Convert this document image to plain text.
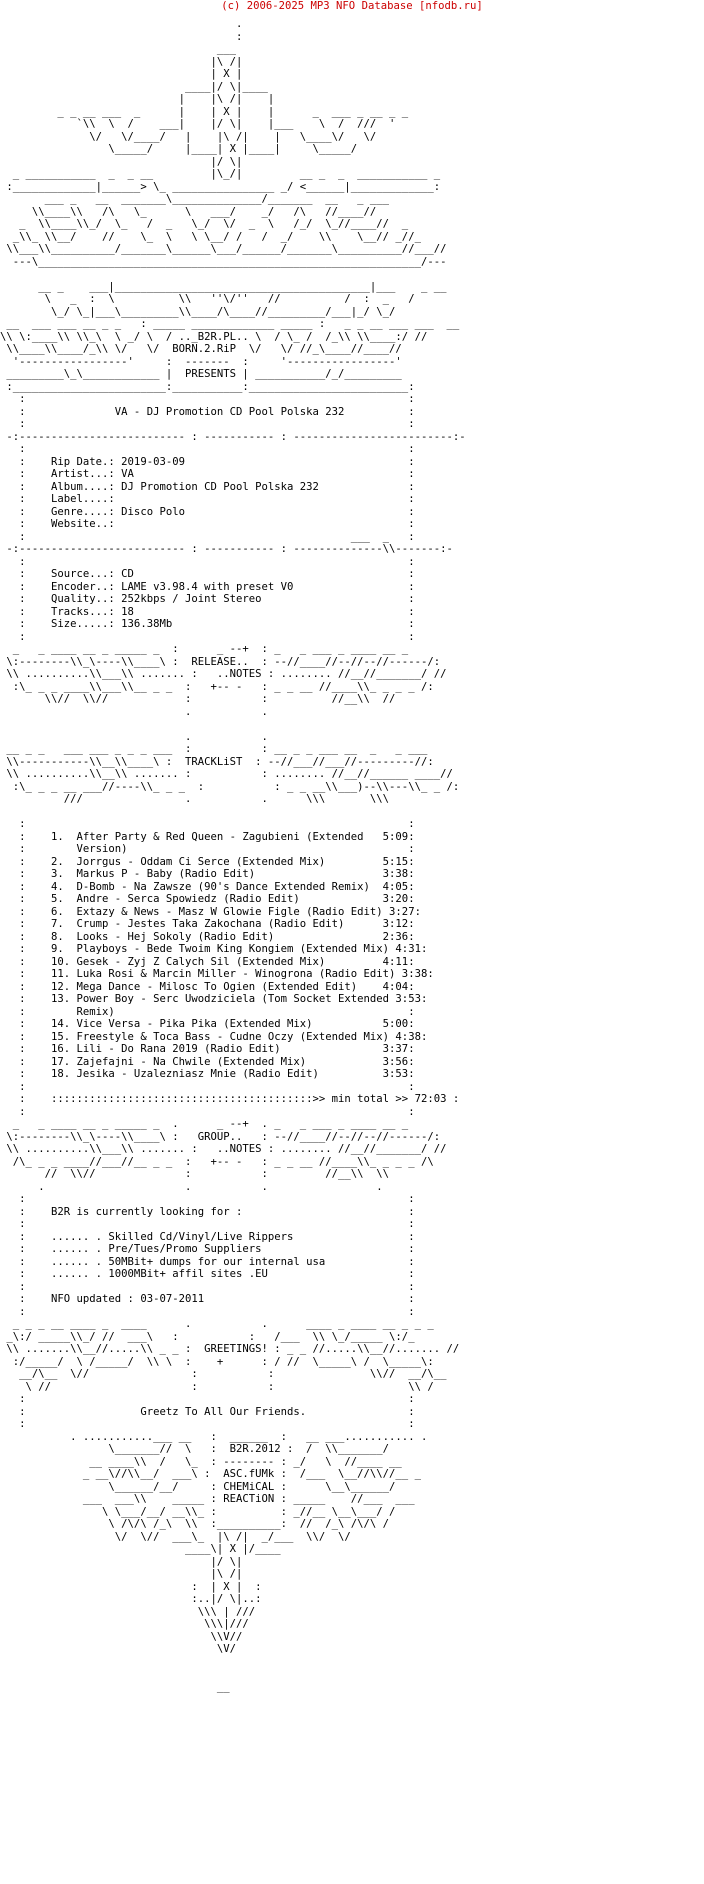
(c) 2006-2025 MP3 NFO Database [nfodb.ru]
.
:
___
|\ /|
| X |
____|/ \|____
|    |\ /|    |
_ _ __ ___  _      |    | X |    |      _  ___ _ __ _ _
`\\  \  /    ___|    |/ \|    |___    \  /  ///  '
\/   \/____/   |    |\ /|    |   \____\/   \/
\_____/     |____| X |____|     \_____/
|/ \|
_ ___________  _  _ __         |\_/|         __ _  _  ___________ _
:_____________|______> \_ ________________ _/ <______|_____________:
___ _   __  _______\______________/_______  __   _ ___
\\____\\   /\   \_      \   ___/    _/   /\   //____//
_  \\____\\_/  \_   /  _   \_/  \/  _  \   /_/  \_//____//  _
_\\_ \\__/    //    \_  \   \ \__/ /   /  _/    \\    \__// _//_
\\___\\__________/_______\______\___/______/_______\__________//___//
---\____________________________________________________________/---

__ _    ___|________________________________________|___    _ __
\   _  :  \          \\   ''\/''   //          /  :  _   /
\_/ \_|___\_________\\____/\____//_________/___|_/ \_/
__  ___ ___ __ _ _   : _____ _____________ _____ :   _ _ __ ___ ___  __
\\ \:____\\ \\_\  \ _/ \  / .._B2R.PL.. \  / \_ /  /_\\ \\____:/ //
\\____\\____/_\\ \/   \/  BORN.2.RiP  \/   \/ //_\____//____//
'-----------------'     :  -------  :     '-----------------'
_________\_\____________ |  PRESENTS | ___________/_/_________
:________________________:___________:_________________________:
:                                                            :
:              VA - DJ Promotion CD Pool Polska 232          :
:                                                            :
-:-------------------------- : ----------- : -------------------------:-
:                                                            :
:    Rip Date.: 2019-03-09                                   :
:    Artist...: VA                                           :
:    Album....: DJ Promotion CD Pool Polska 232              :
:    Label....:                                              :
:    Genre....: Disco Polo                                   :
:    Website..:                                              :
:                                                   ___  _   :
-:-------------------------- : ----------- : --------------\\-------:-
:                                                            :
:    Source...: CD                                           :
:    Encoder..: LAME v3.98.4 with preset V0                  :
:    Quality..: 252kbps / Joint Stereo                       :
:    Tracks...: 18                                           :
:    Size.....: 136.38Mb                                     :
:                                                            :
_   _ ____ __ _ _____ _  :      _ --+  : _   _ ___ _ ____ __ _
\:--------\\_\----\\____\ :  RELEASE..  : --//____//--//--//------/:
\\ ..........\\___\\ ....... :   ..NOTES : ........ //__//_______/ //
:\_ _ _ ____\\___\\__ _ _  :   +-- -   : _ _ __ //____\\_ _ _ _ /:
\\//  \\//            :           :          //__\\  //
.           .

.           .
__ _ _   ___ ___ _ _ _ ___  :           : __ _ _ ___ __  _   _ ___
\\-----------\\__\\____\ :  TRACKLiST  : --//___//___//---------//:
\\ ..........\\__\\ ....... :           : ........ //__//______ ____//
:\_ _ _ __ ___//----\\_ _ _  :           : _ _ __\\___)--\\---\\_ _ /:
///                .           .      \\\       \\\

:                                                            :
:    1.  After Party & Red Queen - Zagubieni (Extended   5:09:
:        Version)                                            :
:    2.  Jorrgus - Oddam Ci Serce (Extended Mix)         5:15:
:    3.  Markus P - Baby (Radio Edit)                    3:38:
:    4.  D-Bomb - Na Zawsze (90's Dance Extended Remix)  4:05:
:    5.  Andre - Serca Spowiedz (Radio Edit)             3:20:
:    6.  Extazy & News - Masz W Glowie Figle (Radio Edit) 3:27:
:    7.  Crump - Jestes Taka Zakochana (Radio Edit)      3:12:
:    8.  Looks - Hej Sokoly (Radio Edit)                 2:36:
:    9.  Playboys - Bede Twoim King Kongiem (Extended Mix) 4:31:
:    10. Gesek - Zyj Z Calych Sil (Extended Mix)         4:11:
:    11. Luka Rosi & Marcin Miller - Winogrona (Radio Edit) 3:38:
:    12. Mega Dance - Milosc To Ogien (Extended Edit)    4:04:
:    13. Power Boy - Serc Uwodziciela (Tom Socket Extended 3:53:
:        Remix)                                              :
:    14. Vice Versa - Pika Pika (Extended Mix)           5:00:
:    15. Freestyle & Toca Bass - Cudne Oczy (Extended Mix) 4:38:
:    16. Lili - Do Rana 2019 (Radio Edit)                3:37:
:    17. Zajefajni - Na Chwile (Extended Mix)            3:56:
:    18. Jesika - Uzalezniasz Mnie (Radio Edit)          3:53:
:                                                            :
:    :::::::::::::::::::::::::::::::::::::::::>> min total >> 72:03 :
:                                                            :
_   _ ____ __ _ _____ _  .      _ --+  . _   _ ___ _ ____ __ _
\:--------\\_\----\\____\ :   GROUP..   : --//____//--//--//------/:
\\ ..........\\___\\ ....... :   ..NOTES : ........ //__//_______/ //
/\_ _ _ ____//___//__ _ _  :   +-- -   : _ _ __ //____\\_ _ _ _ /\
//  \\//              :           :         //__\\  \\
.                      .           .                 .
:                                                            :
:    B2R is currently looking for :                          :
:                                                            :
:    ...... . Skilled Cd/Vinyl/Live Rippers                  :
:    ...... . Pre/Tues/Promo Suppliers                       :
:    ...... . 50MBit+ dumps for our internal usa             :
:    ...... . 1000MBit+ affil sites .EU                      :
:                                                            :
:    NFO updated : 03-07-2011                                :
:                                                            :
_ _ _ __ ____ _  ____      .           .      ____ _ ____ __ _ _ _
_\:/ _____\\_/ //  ___\   :           :   /___  \\ \_/_____ \:/_
\\ .......\\__//.....\\ _ _ :  GREETINGS! : _ _ //.....\\__//....... //
:/_____/  \ /_____/  \\ \  :    +      : / //  \_____\ /  \_____\:
__/\__  \//                :           :               \\//  __/\__
\ //                      :           :                     \\ /
:                                                            :
:                  Greetz To All Our Friends.                :
:                                                            :
. ...........___ __   :  ______  :   __ ___........... .
\_______//  \   :  B2R.2012 :  /  \\_______/
__ ____\\  /   \_  : -------- : _/   \  //____ __
_ __\//\\__/  ___\ :  ASC.fUMk :  /___  \__//\\//__ _
\______/__/     : CHEMiCAL :      \__\______/
___  ___\\    _____ : REACTiON : _____    //___  ___
\ \___/__/ __\\_ :          : _//__ \__\___/ /
\ /\/\ /_\  \\  :__________:  //  /_\ /\/\ /
\/  \//  ___\_  |\ /|  _/___  \\/  \/
____\| X |/____
|/ \|
|\ /|
:  | X |  :
:..|/ \|..:
\\\ | ///
\\\|///
\\V//
\V/

__
